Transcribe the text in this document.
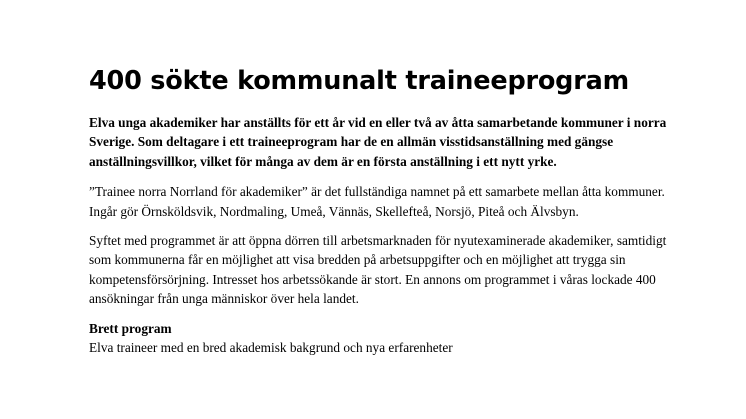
400 sökte kommunalt traineeprogram

Elva unga akademiker har anställts för ett år vid en eller två av åtta samarbetande kommuner i norra Sverige. Som deltagare i ett traineeprogram har de en allmän visstidsanställning med gängse anställningsvillkor, vilket för många av dem är en första anställning i ett nytt yrke.

”Trainee norra Norrland för akademiker” är det fullständiga namnet på ett samarbete mellan åtta kommuner. Ingår gör Örnsköldsvik, Nordmaling, Umeå, Vännäs, Skellefteå, Norsjö, Piteå och Älvsbyn.

Syftet med programmet är att öppna dörren till arbetsmarknaden för nyutexaminerade akademiker, samtidigt som kommunerna får en möjlighet att visa bredden på arbetsuppgifter och en möjlighet att trygga sin kompetensförsörjning. Intresset hos arbetssökande är stort. En annons om programmet i våras lockade 400 ansökningar från unga människor över hela landet.

Brett program

Elva traineer med en bred akademisk bakgrund och nya erfarenheter
